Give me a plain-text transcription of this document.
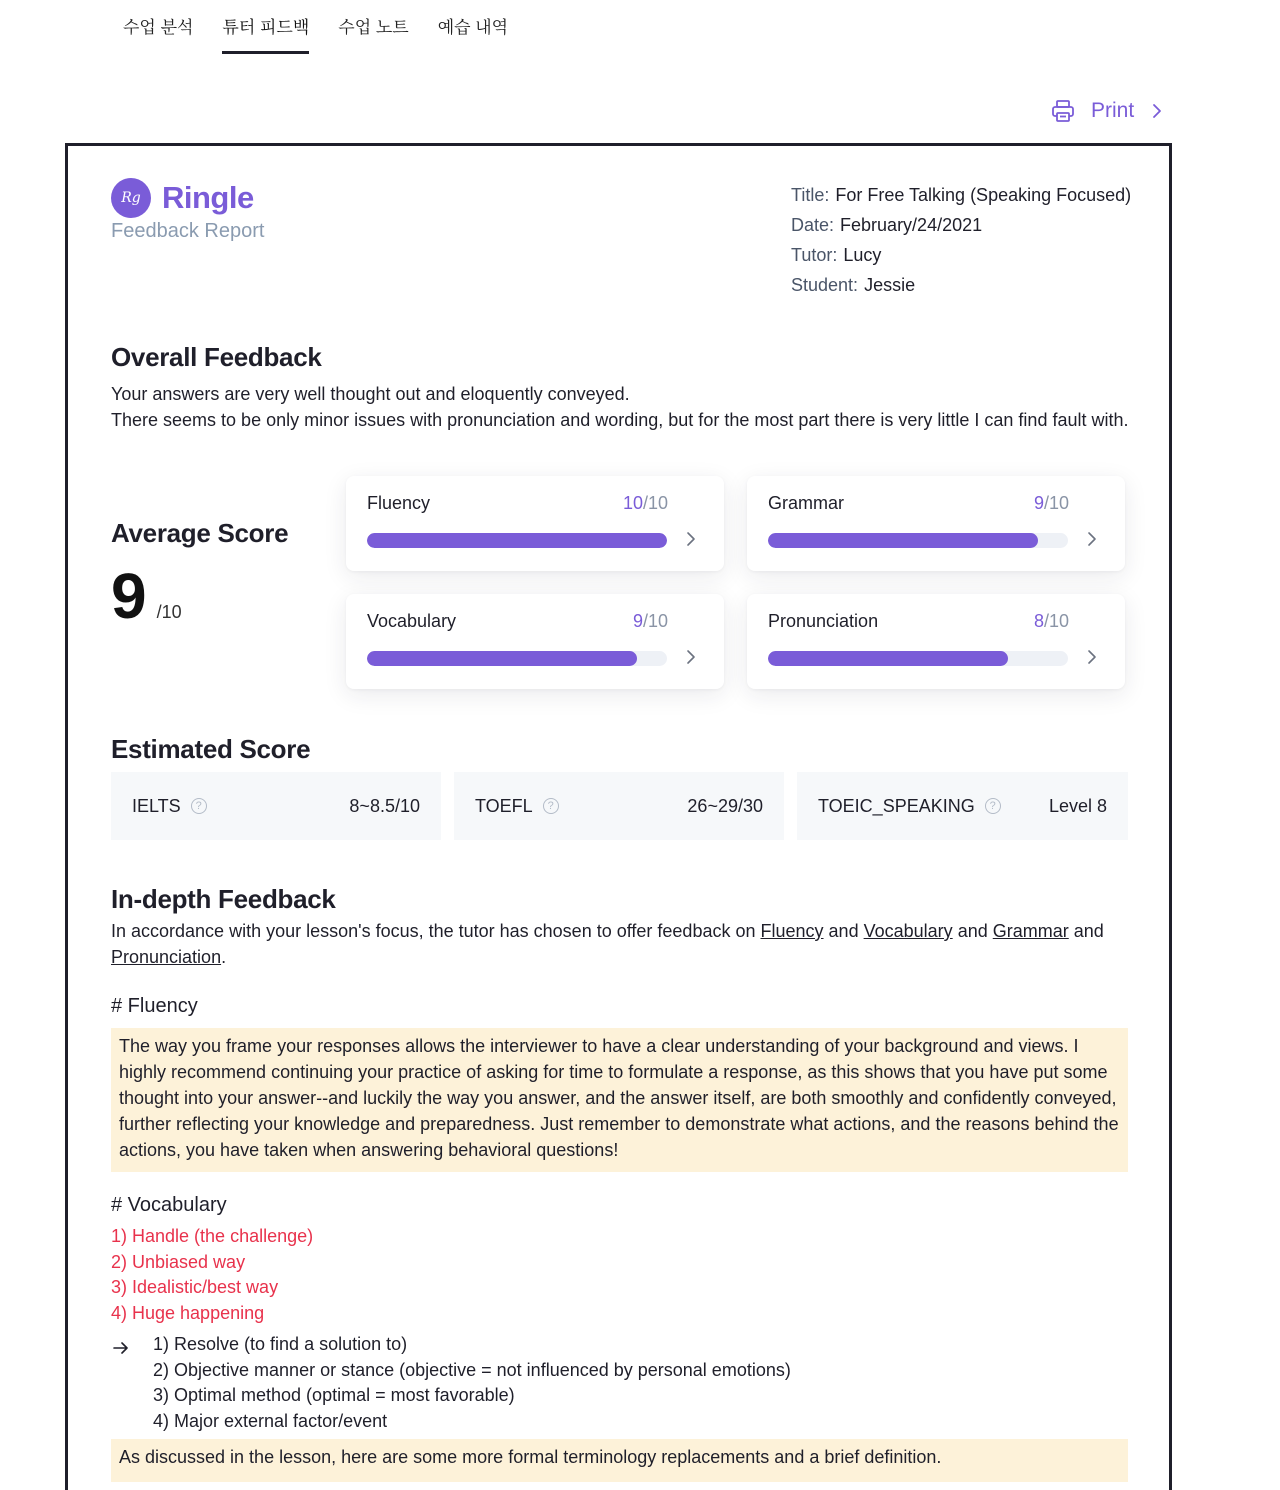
수업 분석 튜터 피드백 수업 노트 예습 내역
Print
Rg Ringle
Feedback Report
Title: For Free Talking (Speaking Focused)
Date: February/24/2021
Tutor: Lucy
Student: Jessie
Overall Feedback
Your answers are very well thought out and eloquently conveyed.
There seems to be only minor issues with pronunciation and wording, but for the most part there is very little I can find fault with.
Average Score
9 /10
Fluency	10/10	Grammar	9/10
Vocabulary	9/10	Pronunciation	8/10
Estimated Score
IELTS	?	8~8.5/10	TOEFL	?	26~29/30	TOEIC_SPEAKING	?	Level 8
In-depth Feedback
In accordance with your lesson's focus, the tutor has chosen to offer feedback on Fluency and Vocabulary and Grammar and Pronunciation.
# Fluency
The way you frame your responses allows the interviewer to have a clear understanding of your background and views. I highly recommend continuing your practice of asking for time to formulate a response, as this shows that you have put some thought into your answer--and luckily the way you answer, and the answer itself, are both smoothly and confidently conveyed, further reflecting your knowledge and preparedness. Just remember to demonstrate what actions, and the reasons behind the actions, you have taken when answering behavioral questions!
# Vocabulary
1) Handle (the challenge)
2) Unbiased way
3) Idealistic/best way
4) Huge happening
1) Resolve (to find a solution to)
2) Objective manner or stance (objective = not influenced by personal emotions)
3) Optimal method (optimal = most favorable)
4) Major external factor/event
As discussed in the lesson, here are some more formal terminology replacements and a brief definition.
